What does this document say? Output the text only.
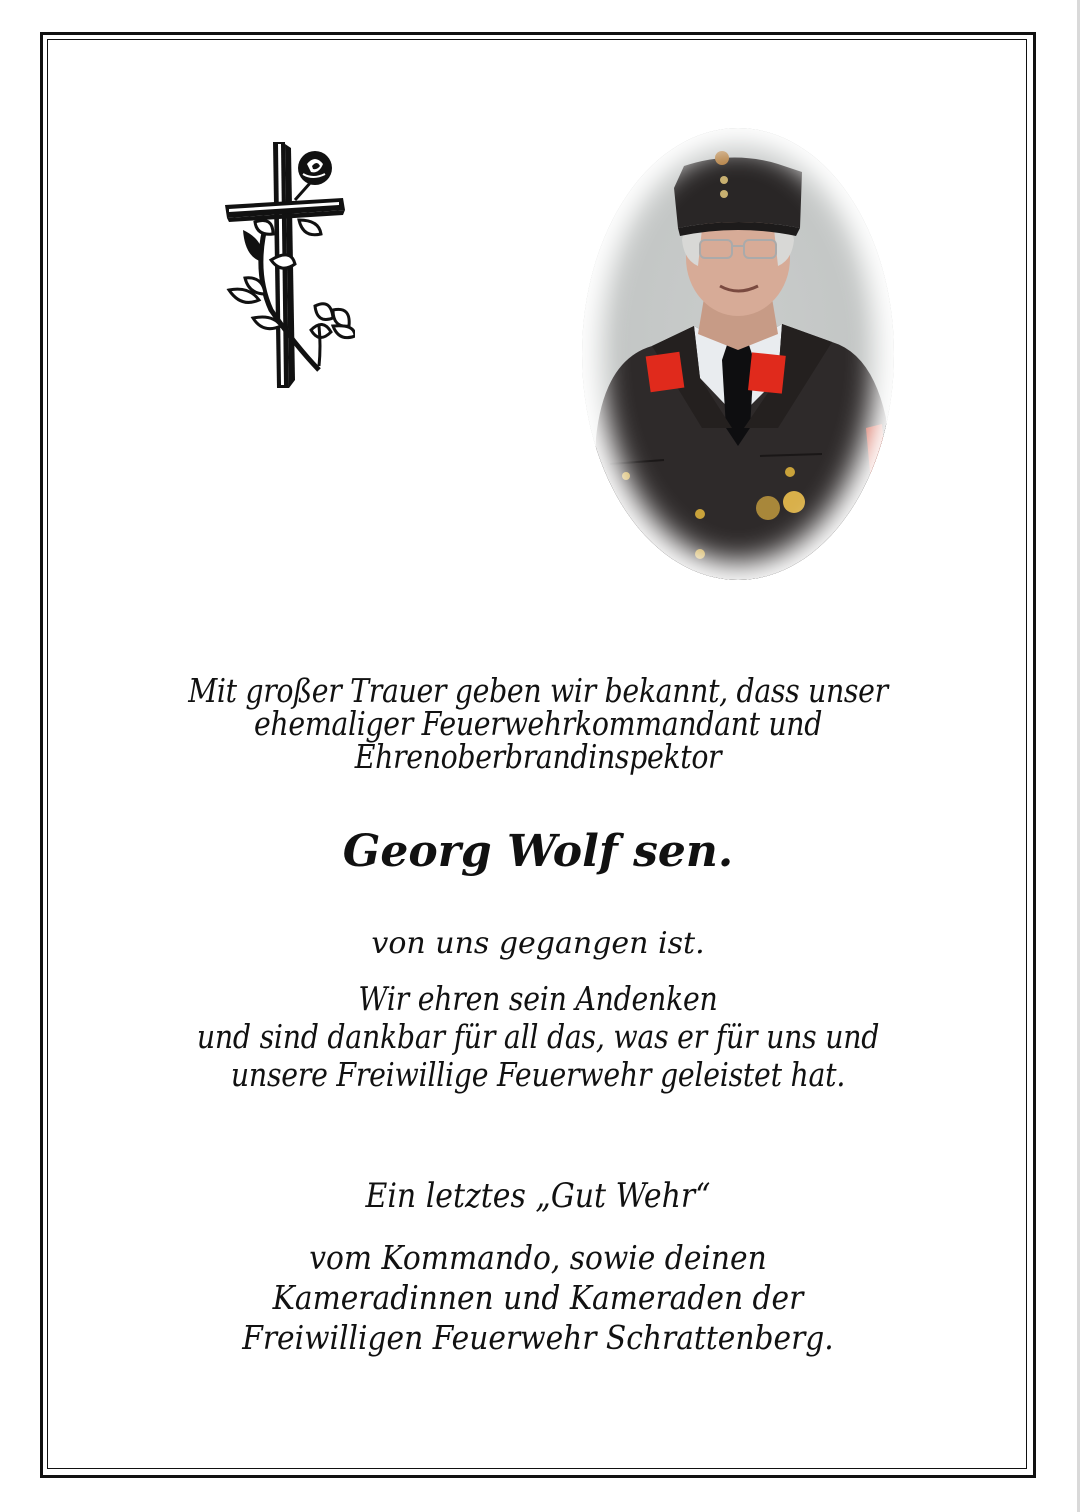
Mit großer Trauer geben wir bekannt, dass unser
ehemaliger Feuerwehrkommandant und
Ehrenoberbrandinspektor
Georg Wolf sen.
von uns gegangen ist.
Wir ehren sein Andenken
und sind dankbar für all das, was er für uns und
unsere Freiwillige Feuerwehr geleistet hat.
Ein letztes „Gut Wehr“
vom Kommando, sowie deinen
Kameradinnen und Kameraden der
Freiwilligen Feuerwehr Schrattenberg.
